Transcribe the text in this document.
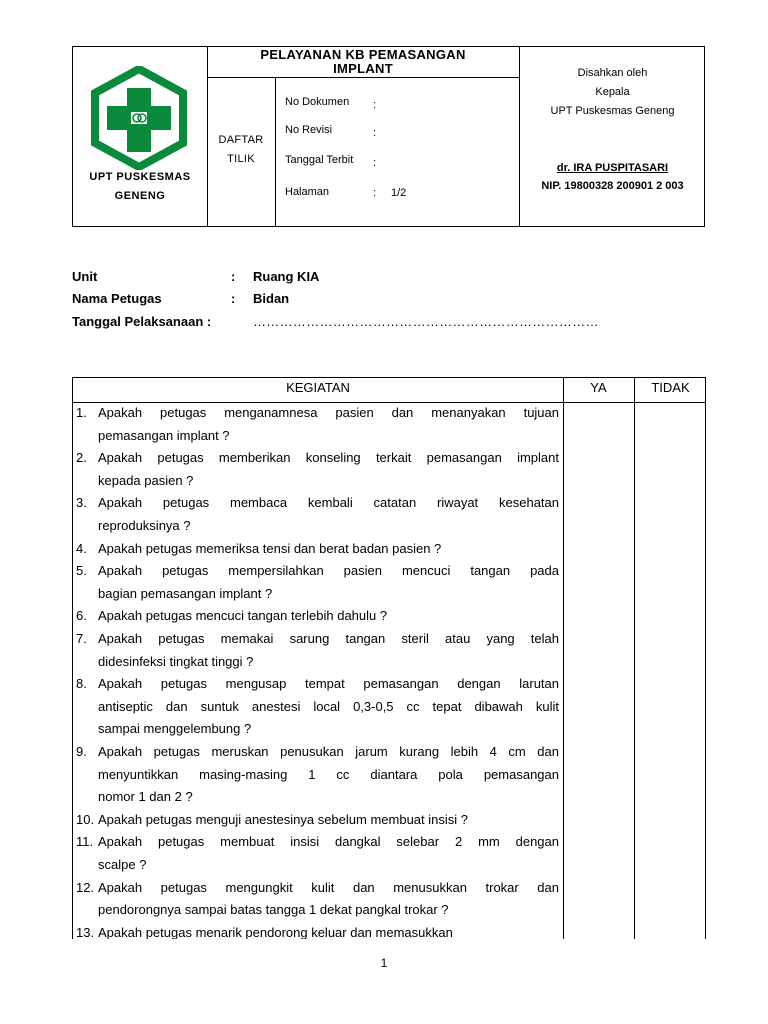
UPT PUSKESMAS
GENENG
PELAYANAN KB PEMASANGAN
IMPLANT
DAFTAR
TILIK
No Dokumen :
No Revisi	:
Tanggal Terbit :
Halaman	: 1/2
Disahkan oleh
Kepala
UPT Puskesmas Geneng
dr. IRA PUSPITASARI
NIP. 19800328 200901 2 003
Unit	: Ruang KIA
Nama Petugas	: Bidan
Tanggal Pelaksanaan :	……………………………………………………………………
KEGIATAN	YA	TIDAK
1. Apakah petugas menganamnesa pasien dan menanyakan tujuan
pemasangan implant ?
2. Apakah petugas memberikan konseling terkait pemasangan implant
kepada pasien ?
3. Apakah petugas membaca kembali catatan riwayat kesehatan
reproduksinya ?
4. Apakah petugas memeriksa tensi dan berat badan pasien ?
5. Apakah petugas mempersilahkan pasien mencuci tangan pada
bagian pemasangan implant ?
6. Apakah petugas mencuci tangan terlebih dahulu ?
7. Apakah petugas memakai sarung tangan steril atau yang telah
didesinfeksi tingkat tinggi ?
8. Apakah petugas mengusap tempat pemasangan dengan larutan
antiseptic dan suntuk anestesi local 0,3-0,5 cc tepat dibawah kulit
sampai menggelembung ?
9. Apakah petugas meruskan penusukan jarum kurang lebih 4 cm dan
menyuntikkan masing-masing 1 cc diantara pola pemasangan
nomor 1 dan 2 ?
10. Apakah petugas menguji anestesinya sebelum membuat insisi ?
11. Apakah petugas membuat insisi dangkal selebar 2 mm dengan
scalpe ?
12. Apakah petugas mengungkit kulit dan menusukkan trokar dan
pendorongnya sampai batas tangga 1 dekat pangkal trokar ?
13. Apakah petugas menarik pendorong keluar dan memasukkan
1
